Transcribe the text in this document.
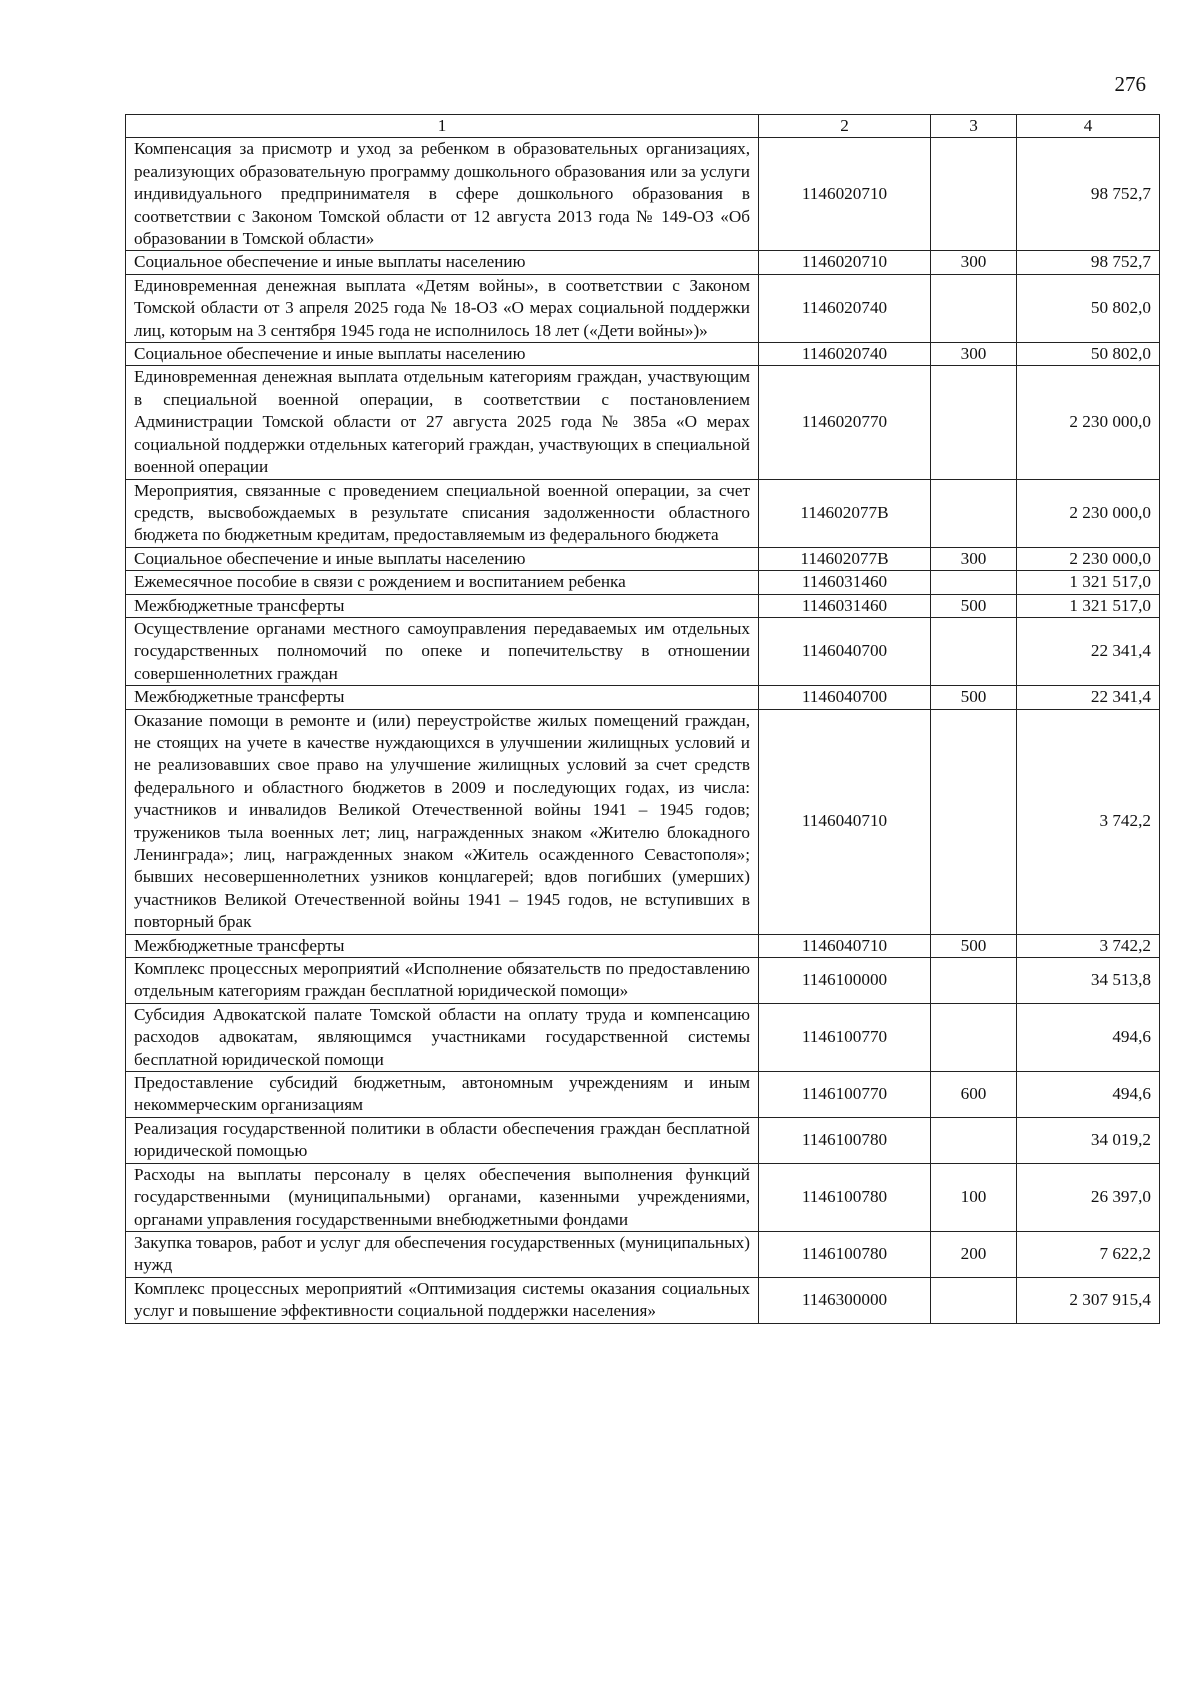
276
1	2	3	4
Компенсация за присмотр и уход за ребенком в образовательных организациях, реализующих образовательную программу дошкольного образования или за услуги индивидуального предпринимателя в сфере дошкольного образования в соответствии с Законом Томской области от 12 августа 2013 года № 149-ОЗ «Об образовании в Томской области»	1146020710		98 752,7
Социальное обеспечение и иные выплаты населению	1146020710	300	98 752,7
Единовременная денежная выплата «Детям войны», в соответствии с Законом Томской области от 3 апреля 2025 года № 18-ОЗ «О мерах социальной поддержки лиц, которым на 3 сентября 1945 года не исполнилось 18 лет («Дети войны»)»	1146020740		50 802,0
Социальное обеспечение и иные выплаты населению	1146020740	300	50 802,0
Единовременная денежная выплата отдельным категориям граждан, участвующим в специальной военной операции, в соответствии с постановлением Администрации Томской области от 27 августа 2025 года № 385а «О мерах социальной поддержки отдельных категорий граждан, участвующих в специальной военной операции	1146020770		2 230 000,0
Мероприятия, связанные с проведением специальной военной операции, за счет средств, высвобождаемых в результате списания задолженности областного бюджета по бюджетным кредитам, предоставляемым из федерального бюджета	114602077B		2 230 000,0
Социальное обеспечение и иные выплаты населению	114602077B	300	2 230 000,0
Ежемесячное пособие в связи с рождением и воспитанием ребенка	1146031460		1 321 517,0
Межбюджетные трансферты	1146031460	500	1 321 517,0
Осуществление органами местного самоуправления передаваемых им отдельных государственных полномочий по опеке и попечительству в отношении совершеннолетних граждан	1146040700		22 341,4
Межбюджетные трансферты	1146040700	500	22 341,4
Оказание помощи в ремонте и (или) переустройстве жилых помещений граждан, не стоящих на учете в качестве нуждающихся в улучшении жилищных условий и не реализовавших свое право на улучшение жилищных условий за счет средств федерального и областного бюджетов в 2009 и последующих годах, из числа: участников и инвалидов Великой Отечественной войны 1941 – 1945 годов; тружеников тыла военных лет; лиц, награжденных знаком «Жителю блокадного Ленинграда»; лиц, награжденных знаком «Житель осажденного Севастополя»; бывших несовершеннолетних узников концлагерей; вдов погибших (умерших) участников Великой Отечественной войны 1941 – 1945 годов, не вступивших в повторный брак	1146040710		3 742,2
Межбюджетные трансферты	1146040710	500	3 742,2
Комплекс процессных мероприятий «Исполнение обязательств по предоставлению отдельным категориям граждан бесплатной юридической помощи»	1146100000		34 513,8
Субсидия Адвокатской палате Томской области на оплату труда и компенсацию расходов адвокатам, являющимся участниками государственной системы бесплатной юридической помощи	1146100770		494,6
Предоставление субсидий бюджетным, автономным учреждениям и иным некоммерческим организациям	1146100770	600	494,6
Реализация государственной политики в области обеспечения граждан бесплатной юридической помощью	1146100780		34 019,2
Расходы на выплаты персоналу в целях обеспечения выполнения функций государственными (муниципальными) органами, казенными учреждениями, органами управления государственными внебюджетными фондами	1146100780	100	26 397,0
Закупка товаров, работ и услуг для обеспечения государственных (муниципальных) нужд	1146100780	200	7 622,2
Комплекс процессных мероприятий «Оптимизация системы оказания социальных услуг и повышение эффективности социальной поддержки населения»	1146300000		2 307 915,4
